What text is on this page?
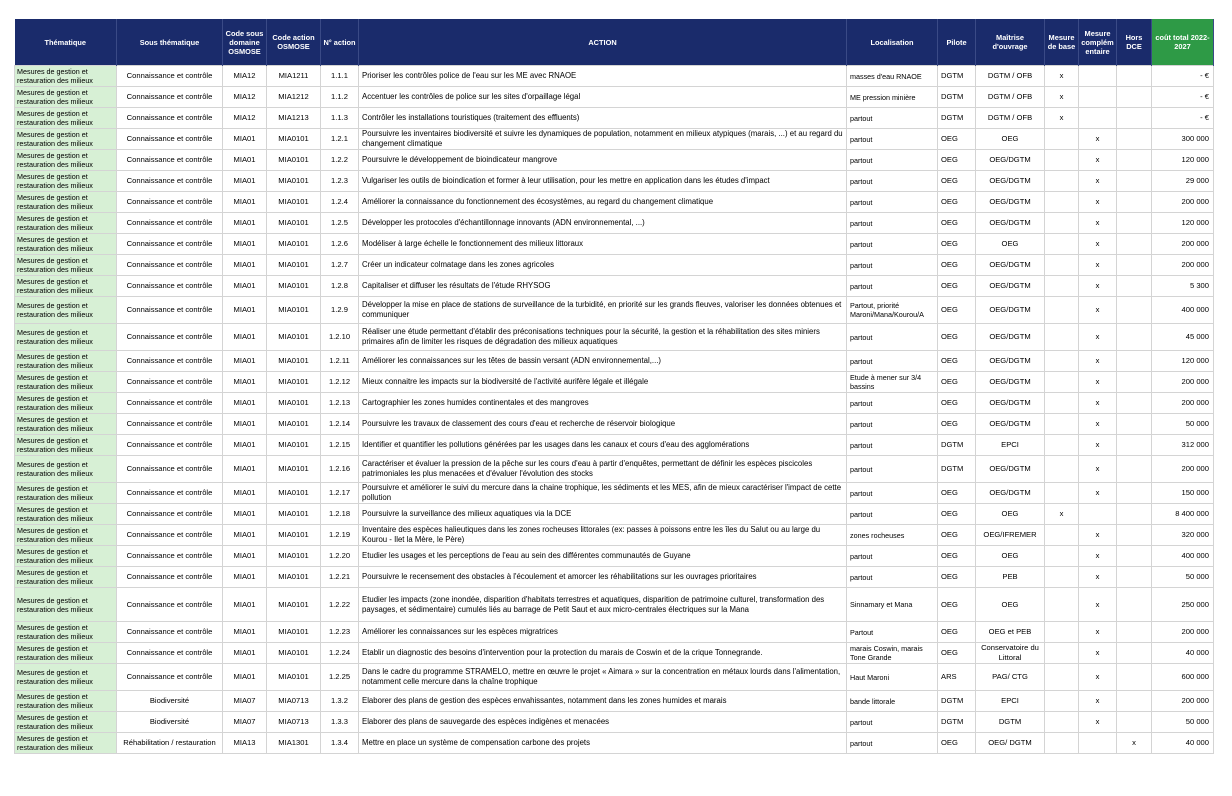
Thématique	Sous thématique	Code sous domaine OSMOSE	Code action OSMOSE	N° action	ACTION	Localisation	Pilote	Maîtrise d'ouvrage	Mesure de base	Mesure complém entaire	Hors DCE	coût total 2022-2027
Mesures de gestion et restauration des milieux	Connaissance et contrôle	MIA12	MIA1211	1.1.1	Prioriser les contrôles police de l'eau sur les ME avec RNAOE	masses d'eau RNAOE	DGTM	DGTM / OFB	x			- €
Mesures de gestion et restauration des milieux	Connaissance et contrôle	MIA12	MIA1212	1.1.2	Accentuer les contrôles de police sur les sites d'orpaillage légal	ME pression minière	DGTM	DGTM / OFB	x			- €
Mesures de gestion et restauration des milieux	Connaissance et contrôle	MIA12	MIA1213	1.1.3	Contrôler les installations touristiques (traitement des effluents)	partout	DGTM	DGTM / OFB	x			- €
Mesures de gestion et restauration des milieux	Connaissance et contrôle	MIA01	MIA0101	1.2.1	Poursuivre les inventaires biodiversité et suivre les dynamiques de population, notamment en milieux atypiques (marais, ...) et au regard du changement climatique	partout	OEG	OEG		x		300 000
Mesures de gestion et restauration des milieux	Connaissance et contrôle	MIA01	MIA0101	1.2.2	Poursuivre le développement de bioindicateur mangrove	partout	OEG	OEG/DGTM		x		120 000
Mesures de gestion et restauration des milieux	Connaissance et contrôle	MIA01	MIA0101	1.2.3	Vulgariser les outils de bioindication et former à leur utilisation, pour les mettre en application dans les études d'impact	partout	OEG	OEG/DGTM		x		29 000
Mesures de gestion et restauration des milieux	Connaissance et contrôle	MIA01	MIA0101	1.2.4	Améliorer la connaissance du fonctionnement des écosystèmes, au regard du changement climatique	partout	OEG	OEG/DGTM		x		200 000
Mesures de gestion et restauration des milieux	Connaissance et contrôle	MIA01	MIA0101	1.2.5	Développer les protocoles d'échantillonnage innovants (ADN environnemental, ...)	partout	OEG	OEG/DGTM		x		120 000
Mesures de gestion et restauration des milieux	Connaissance et contrôle	MIA01	MIA0101	1.2.6	Modéliser à large échelle le fonctionnement des milieux littoraux	partout	OEG	OEG		x		200 000
Mesures de gestion et restauration des milieux	Connaissance et contrôle	MIA01	MIA0101	1.2.7	Créer un indicateur colmatage dans les zones agricoles	partout	OEG	OEG/DGTM		x		200 000
Mesures de gestion et restauration des milieux	Connaissance et contrôle	MIA01	MIA0101	1.2.8	Capitaliser et diffuser les résultats de l'étude RHYSOG	partout	OEG	OEG/DGTM		x		5 300
Mesures de gestion et restauration des milieux	Connaissance et contrôle	MIA01	MIA0101	1.2.9	Développer la mise en place de stations de surveillance de la turbidité, en priorité sur les grands fleuves, valoriser les données obtenues et communiquer	Partout, priorité Maroni/Mana/Kourou/A	OEG	OEG/DGTM		x		400 000
Mesures de gestion et restauration des milieux	Connaissance et contrôle	MIA01	MIA0101	1.2.10	Réaliser une étude permettant d'établir des préconisations techniques pour la sécurité, la gestion et la réhabilitation des sites miniers primaires afin de limiter les risques de dégradation des milieux aquatiques	partout	OEG	OEG/DGTM		x		45 000
Mesures de gestion et restauration des milieux	Connaissance et contrôle	MIA01	MIA0101	1.2.11	Améliorer les connaissances sur les têtes de bassin versant (ADN environnemental,...)	partout	OEG	OEG/DGTM		x		120 000
Mesures de gestion et restauration des milieux	Connaissance et contrôle	MIA01	MIA0101	1.2.12	Mieux connaitre les impacts sur la biodiversité de l'activité aurifère légale et illégale	Etude à mener sur 3/4 bassins	OEG	OEG/DGTM		x		200 000
Mesures de gestion et restauration des milieux	Connaissance et contrôle	MIA01	MIA0101	1.2.13	Cartographier les zones humides continentales et des mangroves	partout	OEG	OEG/DGTM		x		200 000
Mesures de gestion et restauration des milieux	Connaissance et contrôle	MIA01	MIA0101	1.2.14	Poursuivre les travaux de classement des cours d'eau et recherche de réservoir biologique	partout	OEG	OEG/DGTM		x		50 000
Mesures de gestion et restauration des milieux	Connaissance et contrôle	MIA01	MIA0101	1.2.15	Identifier et quantifier les pollutions générées par les usages dans les canaux et cours d'eau des agglomérations	partout	DGTM	EPCI		x		312 000
Mesures de gestion et restauration des milieux	Connaissance et contrôle	MIA01	MIA0101	1.2.16	Caractériser et évaluer la pression de la pêche sur les cours d'eau à partir d'enquêtes, permettant de définir les espèces piscicoles patrimoniales les plus menacées et d'évaluer l'évolution des stocks	partout	DGTM	OEG/DGTM		x		200 000
Mesures de gestion et restauration des milieux	Connaissance et contrôle	MIA01	MIA0101	1.2.17	Poursuivre et améliorer le suivi du mercure dans la chaine trophique, les sédiments et les MES, afin de mieux caractériser l'impact de cette pollution	partout	OEG	OEG/DGTM		x		150 000
Mesures de gestion et restauration des milieux	Connaissance et contrôle	MIA01	MIA0101	1.2.18	Poursuivre la surveillance des milieux aquatiques via la DCE	partout	OEG	OEG	x			8 400 000
Mesures de gestion et restauration des milieux	Connaissance et contrôle	MIA01	MIA0101	1.2.19	Inventaire des espèces halieutiques dans les zones rocheuses littorales (ex: passes à poissons entre les îles du Salut ou au large du Kourou - Ilet la Mère, le Père)	zones rocheuses	OEG	OEG/IFREMER		x		320 000
Mesures de gestion et restauration des milieux	Connaissance et contrôle	MIA01	MIA0101	1.2.20	Etudier les usages et les perceptions de l'eau au sein des différentes communautés de Guyane	partout	OEG	OEG		x		400 000
Mesures de gestion et restauration des milieux	Connaissance et contrôle	MIA01	MIA0101	1.2.21	Poursuivre le recensement des obstacles à l'écoulement et amorcer les réhabilitations sur les ouvrages prioritaires	partout	OEG	PEB		x		50 000
Mesures de gestion et restauration des milieux	Connaissance et contrôle	MIA01	MIA0101	1.2.22	Etudier les impacts (zone inondée, disparition d'habitats terrestres et aquatiques, disparition de patrimoine culturel, transformation des paysages, et sédimentaire) cumulés liés au barrage de Petit Saut et aux micro-centrales électriques sur la Mana	Sinnamary et Mana	OEG	OEG		x		250 000
Mesures de gestion et restauration des milieux	Connaissance et contrôle	MIA01	MIA0101	1.2.23	Améliorer les connaissances sur les espèces migratrices	Partout	OEG	OEG et PEB		x		200 000
Mesures de gestion et restauration des milieux	Connaissance et contrôle	MIA01	MIA0101	1.2.24	Etablir un diagnostic des besoins d'intervention pour la protection du marais de Coswin et de la crique Tonnegrande.	marais Coswin, marais Tone Grande	OEG	Conservatoire du Littoral		x		40 000
Mesures de gestion et restauration des milieux	Connaissance et contrôle	MIA01	MIA0101	1.2.25	Dans le cadre du programme STRAMELO, mettre en œuvre le projet « Aimara » sur la concentration en métaux lourds dans l'alimentation, notamment celle mercure dans la chaîne trophique	Haut Maroni	ARS	PAG/ CTG		x		600 000
Mesures de gestion et restauration des milieux	Biodiversité	MIA07	MIA0713	1.3.2	Elaborer des plans de gestion des espèces envahissantes, notamment dans les zones humides et marais	bande littorale	DGTM	EPCI		x		200 000
Mesures de gestion et restauration des milieux	Biodiversité	MIA07	MIA0713	1.3.3	Elaborer des plans de sauvegarde des espèces indigènes et menacées	partout	DGTM	DGTM		x		50 000
Mesures de gestion et restauration des milieux	Réhabilitation / restauration	MIA13	MIA1301	1.3.4	Mettre en place un système de compensation carbone des projets	partout	OEG	OEG/ DGTM			x	40 000
